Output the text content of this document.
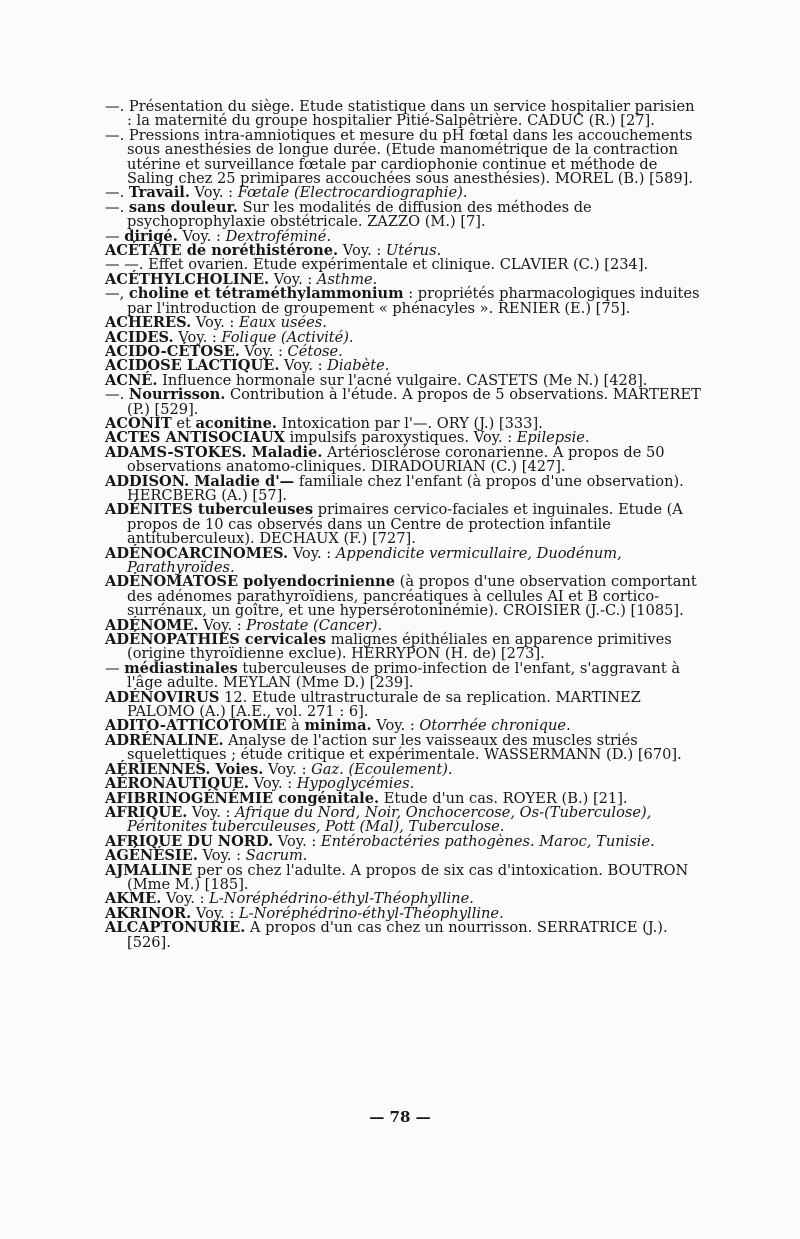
—. Présentation du siège. Etude statistique dans un service hospitalier parisien : la maternité du groupe hospitalier Pitié-Salpêtrière. CADUC (R.) [27].

—. Pressions intra-amniotiques et mesure du pH fœtal dans les accouchements sous anesthésies de longue durée. (Etude manométrique de la contraction utérine et surveillance fœtale par cardiophonie continue et méthode de Saling chez 25 primipares accouchées sous anesthésies). MOREL (B.) [589].

—. Travail. Voy. : Fœtale (Electrocardiographie).

—. sans douleur. Sur les modalités de diffusion des méthodes de psychoprophylaxie obstétricale. ZAZZO (M.) [7].

— dirigé. Voy. : Dextroféminé.

ACÉTATE de noréthistérone. Voy. : Utérus.

— —. Effet ovarien. Etude expérimentale et clinique. CLAVIER (C.) [234].

ACÉTHYLCHOLINE. Voy. : Asthme.

—, choline et tétraméthylammonium : propriétés pharmacologiques induites par l'introduction de groupement « phénacyles ». RENIER (E.) [75].

ACHERES. Voy. : Eaux usées.

ACIDES. Voy. : Folique (Activité).

ACIDO-CÉTOSE. Voy. : Cétose.

ACIDOSE LACTIQUE. Voy. : Diabète.

ACNÉ. Influence hormonale sur l'acné vulgaire. CASTETS (Me N.) [428].

—. Nourrisson. Contribution à l'étude. A propos de 5 observations. MARTERET (P.) [529].

ACONIT et aconitine. Intoxication par l'—. ORY (J.) [333].

ACTES ANTISOCIAUX impulsifs paroxystiques. Voy. : Epilepsie.

ADAMS-STOKES. Maladie. Artériosclérose coronarienne. A propos de 50 observations anatomo-cliniques. DIRADOURIAN (C.) [427].

ADDISON. Maladie d'— familiale chez l'enfant (à propos d'une observation). HERCBERG (A.) [57].

ADÉNITES tuberculeuses primaires cervico-faciales et inguinales. Etude (A propos de 10 cas observés dans un Centre de protection infantile antituberculeux). DECHAUX (F.) [727].

ADÉNOCARCINOMES. Voy. : Appendicite vermicullaire, Duodénum, Parathyroïdes.

ADÉNOMATOSE polyendocrinienne (à propos d'une observation comportant des adénomes parathyroïdiens, pancréatiques à cellules AI et B cortico-surrénaux, un goître, et une hypersérotoninémie). CROISIER (J.-C.) [1085].

ADÉNOME. Voy. : Prostate (Cancer).

ADÉNOPATHIES cervicales malignes épithéliales en apparence primitives (origine thyroïdienne exclue). HERRYPON (H. de) [273].

— médiastinales tuberculeuses de primo-infection de l'enfant, s'aggravant à l'âge adulte. MEYLAN (Mme D.) [239].

ADÉNOVIRUS 12. Etude ultrastructurale de sa replication. MARTINEZ PALOMO (A.) [A.E., vol. 271 : 6].

ADITO-ATTICOTOMIE à minima. Voy. : Otorrhée chronique.

ADRÉNALINE. Analyse de l'action sur les vaisseaux des muscles striés squelettiques ; étude critique et expérimentale. WASSERMANN (D.) [670].

AÉRIENNES. Voies. Voy. : Gaz. (Ecoulement).

AÉRONAUTIQUE. Voy. : Hypoglycémies.

AFIBRINOGÉNÉMIE congénitale. Etude d'un cas. ROYER (B.) [21].

AFRIQUE. Voy. : Afrique du Nord, Noir, Onchocercose, Os-(Tuberculose), Péritonites tuberculeuses, Pott (Mal), Tuberculose.

AFRIQUE DU NORD. Voy. : Entérobactéries pathogènes. Maroc, Tunisie.

AGÉNÉSIE. Voy. : Sacrum.

AJMALINE per os chez l'adulte. A propos de six cas d'intoxication. BOUTRON (Mme M.) [185].

AKME. Voy. : L-Noréphédrino-éthyl-Théophylline.

AKRINOR. Voy. : L-Noréphédrino-éthyl-Théophylline.

ALCAPTONURIE. A propos d'un cas chez un nourrisson. SERRATRICE (J.). [526].

— 78 —
